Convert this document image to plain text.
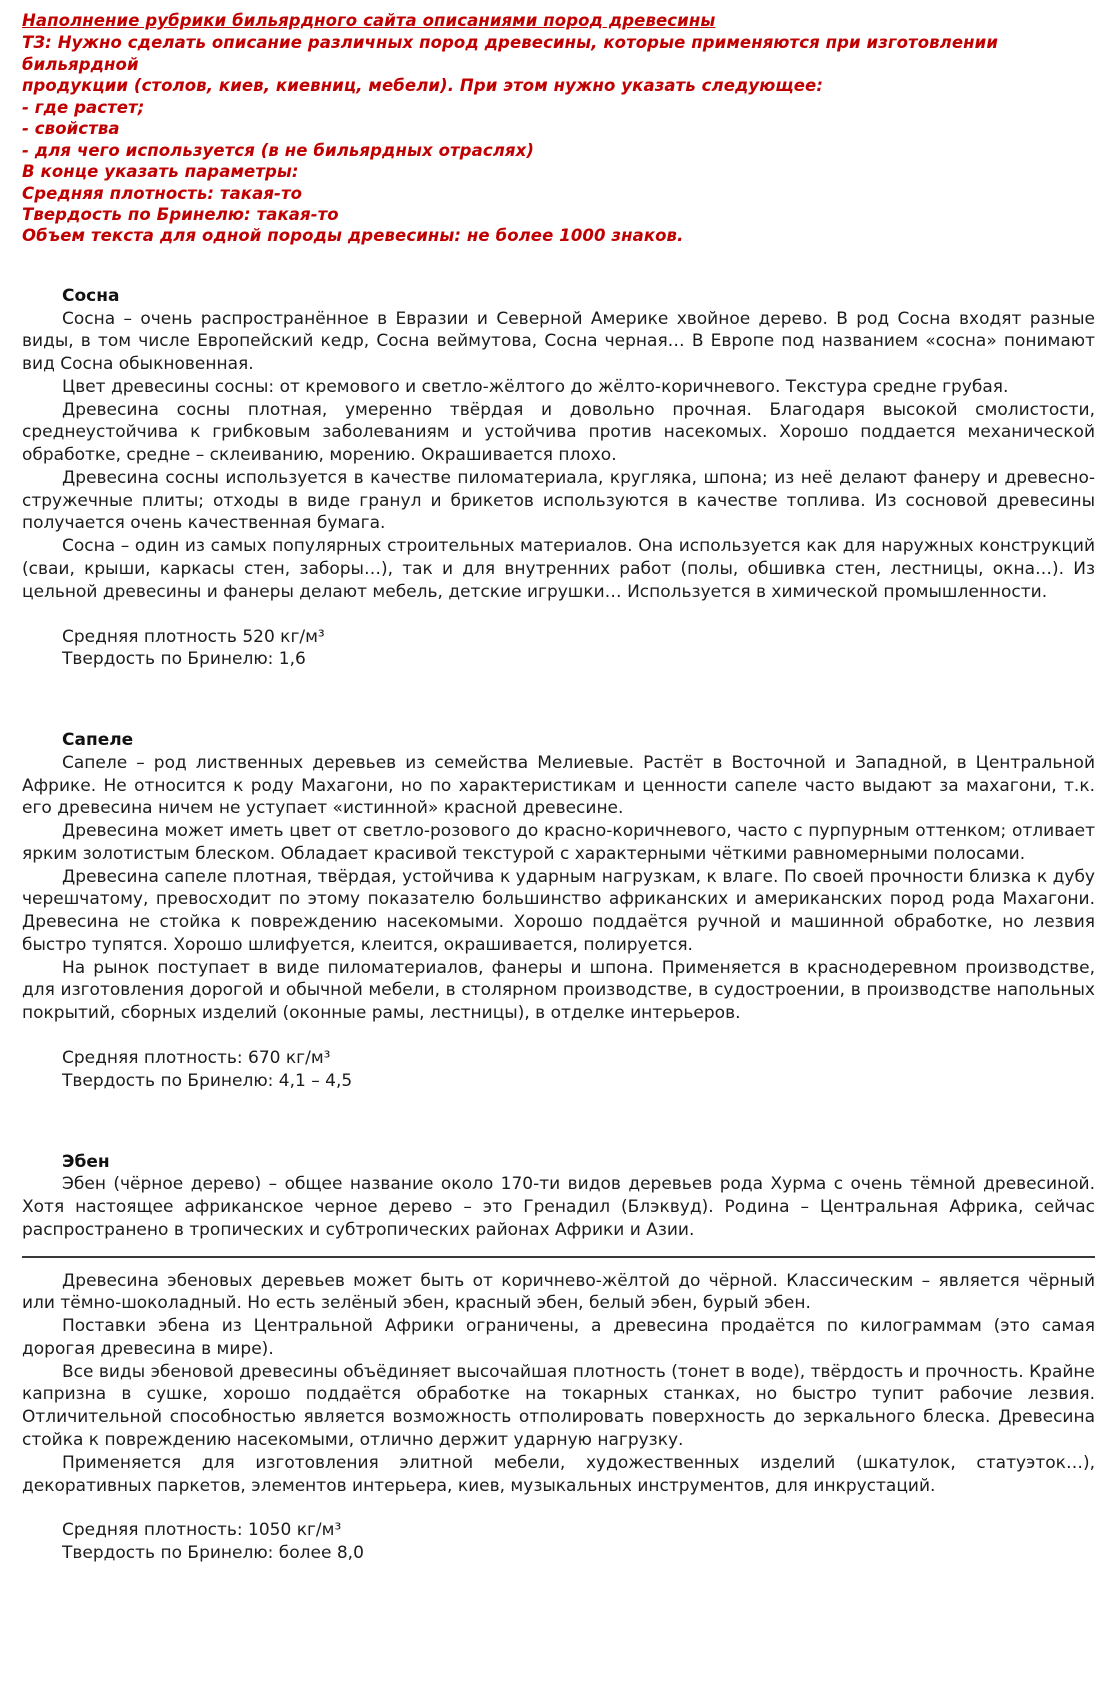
Наполнение рубрики бильярдного сайта описаниями пород древесины

ТЗ: Нужно сделать описание различных пород древесины, которые применяются при изготовлении бильярдной

продукции (столов, киев, киевниц, мебели). При этом нужно указать следующее:

- где растет;

- свойства

- для чего используется (в не бильярдных отраслях)

В конце указать параметры:

Средняя плотность: такая-то

Твердость по Бринелю: такая-то

Объем текста для одной породы древесины: не более 1000 знаков.

Сосна

Сосна – очень распространённое в Евразии и Северной Америке хвойное дерево. В род Сосна входят разные виды, в том числе Европейский кедр, Сосна веймутова, Сосна черная… В Европе под названием «сосна» понимают вид Сосна обыкновенная.

Цвет древесины сосны: от кремового и светло-жёлтого до жёлто-коричневого. Текстура средне грубая.

Древесина сосны плотная, умеренно твёрдая и довольно прочная. Благодаря высокой смолистости, среднеустойчива к грибковым заболеваниям и устойчива против насекомых. Хорошо поддается механической обработке, средне – склеиванию, морению. Окрашивается плохо.

Древесина сосны используется в качестве пиломатериала, кругляка, шпона; из неё делают фанеру и древесно-стружечные плиты; отходы в виде гранул и брикетов используются в качестве топлива. Из сосновой древесины получается очень качественная бумага.

Сосна – один из самых популярных строительных материалов. Она используется как для наружных конструкций (сваи, крыши, каркасы стен, заборы…), так и для внутренних работ (полы, обшивка стен, лестницы, окна…). Из цельной древесины и фанеры делают мебель, детские игрушки… Используется в химической промышленности.

Средняя плотность 520 кг/м³

Твердость по Бринелю: 1,6

Сапеле

Сапеле – род лиственных деревьев из семейства Мелиевые. Растёт в Восточной и Западной, в Центральной Африке. Не относится к роду Махагони, но по характеристикам и ценности сапеле часто выдают за махагони, т.к. его древесина ничем не уступает «истинной» красной древесине.

Древесина может иметь цвет от светло-розового до красно-коричневого, часто с пурпурным оттенком; отливает ярким золотистым блеском. Обладает красивой текстурой с характерными чёткими равномерными полосами.

Древесина сапеле плотная, твёрдая, устойчива к ударным нагрузкам, к влаге. По своей прочности близка к дубу черешчатому, превосходит по этому показателю большинство африканских и американских пород рода Махагони. Древесина не стойка к повреждению насекомыми. Хорошо поддаётся ручной и машинной обработке, но лезвия быстро тупятся. Хорошо шлифуется, клеится, окрашивается, полируется.

На рынок поступает в виде пиломатериалов, фанеры и шпона. Применяется в краснодеревном производстве, для изготовления дорогой и обычной мебели, в столярном производстве, в судостроении, в производстве напольных покрытий, сборных изделий (оконные рамы, лестницы), в отделке интерьеров.

Средняя плотность: 670 кг/м³

Твердость по Бринелю: 4,1 – 4,5

Эбен

Эбен (чёрное дерево) – общее название около 170-ти видов деревьев рода Хурма с очень тёмной древесиной. Хотя настоящее африканское черное дерево – это Гренадил (Блэквуд). Родина – Центральная Африка, сейчас распространено в тропических и субтропических районах Африки и Азии.

Древесина эбеновых деревьев может быть от коричнево-жёлтой до чёрной. Классическим – является чёрный или тёмно-шоколадный. Но есть зелёный эбен, красный эбен, белый эбен, бурый эбен.

Поставки эбена из Центральной Африки ограничены, а древесина продаётся по килограммам (это самая дорогая древесина в мире).

Все виды эбеновой древесины объёдиняет высочайшая плотность (тонет в воде), твёрдость и прочность. Крайне капризна в сушке, хорошо поддаётся обработке на токарных станках, но быстро тупит рабочие лезвия. Отличительной способностью является возможность отполировать поверхность до зеркального блеска. Древесина стойка к повреждению насекомыми, отлично держит ударную нагрузку.

Применяется для изготовления элитной мебели, художественных изделий (шкатулок, статуэток…), декоративных паркетов, элементов интерьера, киев, музыкальных инструментов, для инкрустаций.

Средняя плотность: 1050 кг/м³

Твердость по Бринелю: более 8,0
